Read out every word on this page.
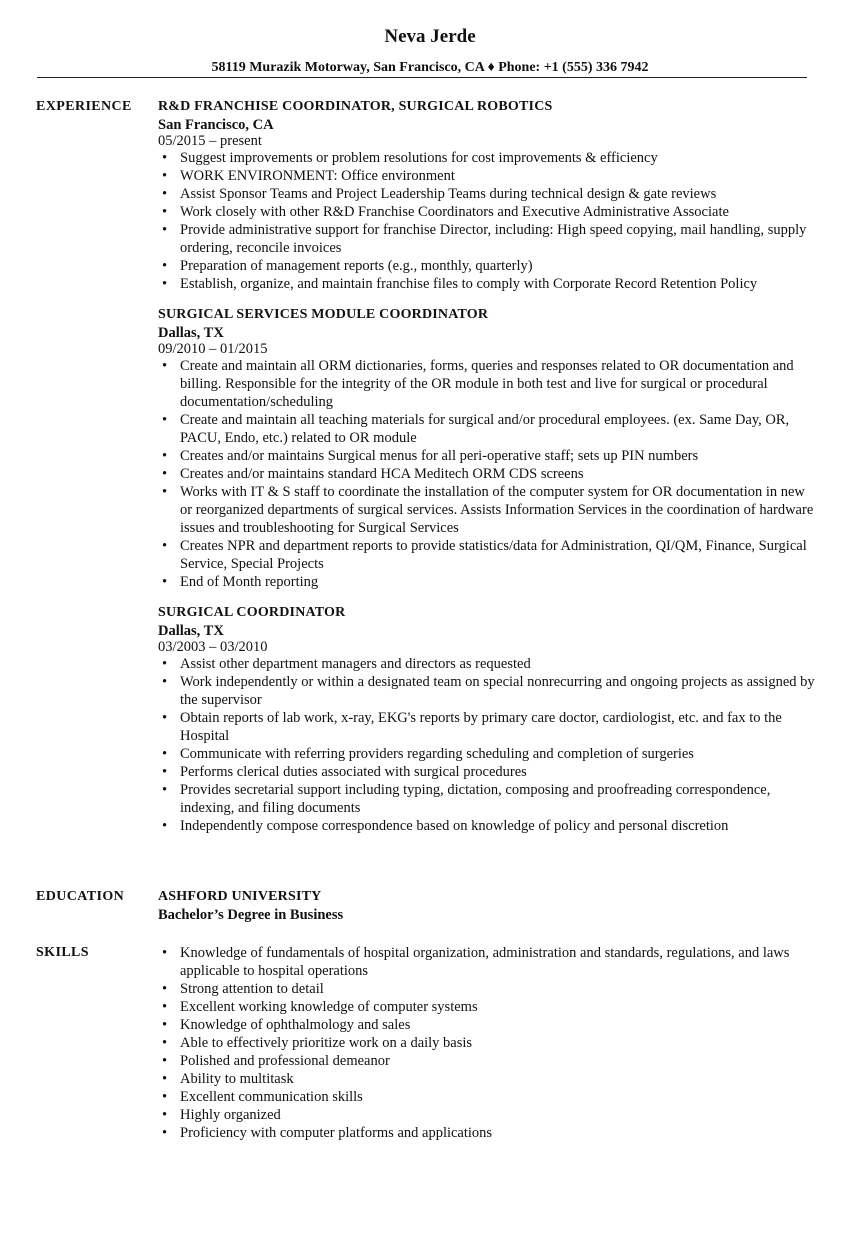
Neva Jerde
58119 Murazik Motorway, San Francisco, CA ♦ Phone: +1 (555) 336 7942
EXPERIENCE R&D FRANCHISE COORDINATOR, SURGICAL ROBOTICS
San Francisco, CA
05/2015 – present
• Suggest improvements or problem resolutions for cost improvements & efficiency
• WORK ENVIRONMENT: Office environment
• Assist Sponsor Teams and Project Leadership Teams during technical design & gate reviews
• Work closely with other R&D Franchise Coordinators and Executive Administrative Associate
• Provide administrative support for franchise Director, including: High speed copying, mail handling, supply ordering, reconcile invoices
• Preparation of management reports (e.g., monthly, quarterly)
• Establish, organize, and maintain franchise files to comply with Corporate Record Retention Policy
SURGICAL SERVICES MODULE COORDINATOR
Dallas, TX
09/2010 – 01/2015
• Create and maintain all ORM dictionaries, forms, queries and responses related to OR documentation and billing. Responsible for the integrity of the OR module in both test and live for surgical or procedural documentation/scheduling
• Create and maintain all teaching materials for surgical and/or procedural employees. (ex. Same Day, OR, PACU, Endo, etc.) related to OR module
• Creates and/or maintains Surgical menus for all peri-operative staff; sets up PIN numbers
• Creates and/or maintains standard HCA Meditech ORM CDS screens
• Works with IT & S staff to coordinate the installation of the computer system for OR documentation in new or reorganized departments of surgical services. Assists Information Services in the coordination of hardware issues and troubleshooting for Surgical Services
• Creates NPR and department reports to provide statistics/data for Administration, QI/QM, Finance, Surgical Service, Special Projects
• End of Month reporting
SURGICAL COORDINATOR
Dallas, TX
03/2003 – 03/2010
• Assist other department managers and directors as requested
• Work independently or within a designated team on special nonrecurring and ongoing projects as assigned by the supervisor
• Obtain reports of lab work, x-ray, EKG's reports by primary care doctor, cardiologist, etc. and fax to the Hospital
• Communicate with referring providers regarding scheduling and completion of surgeries
• Performs clerical duties associated with surgical procedures
• Provides secretarial support including typing, dictation, composing and proofreading correspondence, indexing, and filing documents
• Independently compose correspondence based on knowledge of policy and personal discretion
EDUCATION ASHFORD UNIVERSITY
Bachelor’s Degree in Business
SKILLS
•	Knowledge of fundamentals of hospital organization, administration and standards, regulations, and laws applicable to hospital operations
• Strong attention to detail
• Excellent working knowledge of computer systems
• Knowledge of ophthalmology and sales
• Able to effectively prioritize work on a daily basis
• Polished and professional demeanor
• Ability to multitask
• Excellent communication skills
• Highly organized
• Proficiency with computer platforms and applications
